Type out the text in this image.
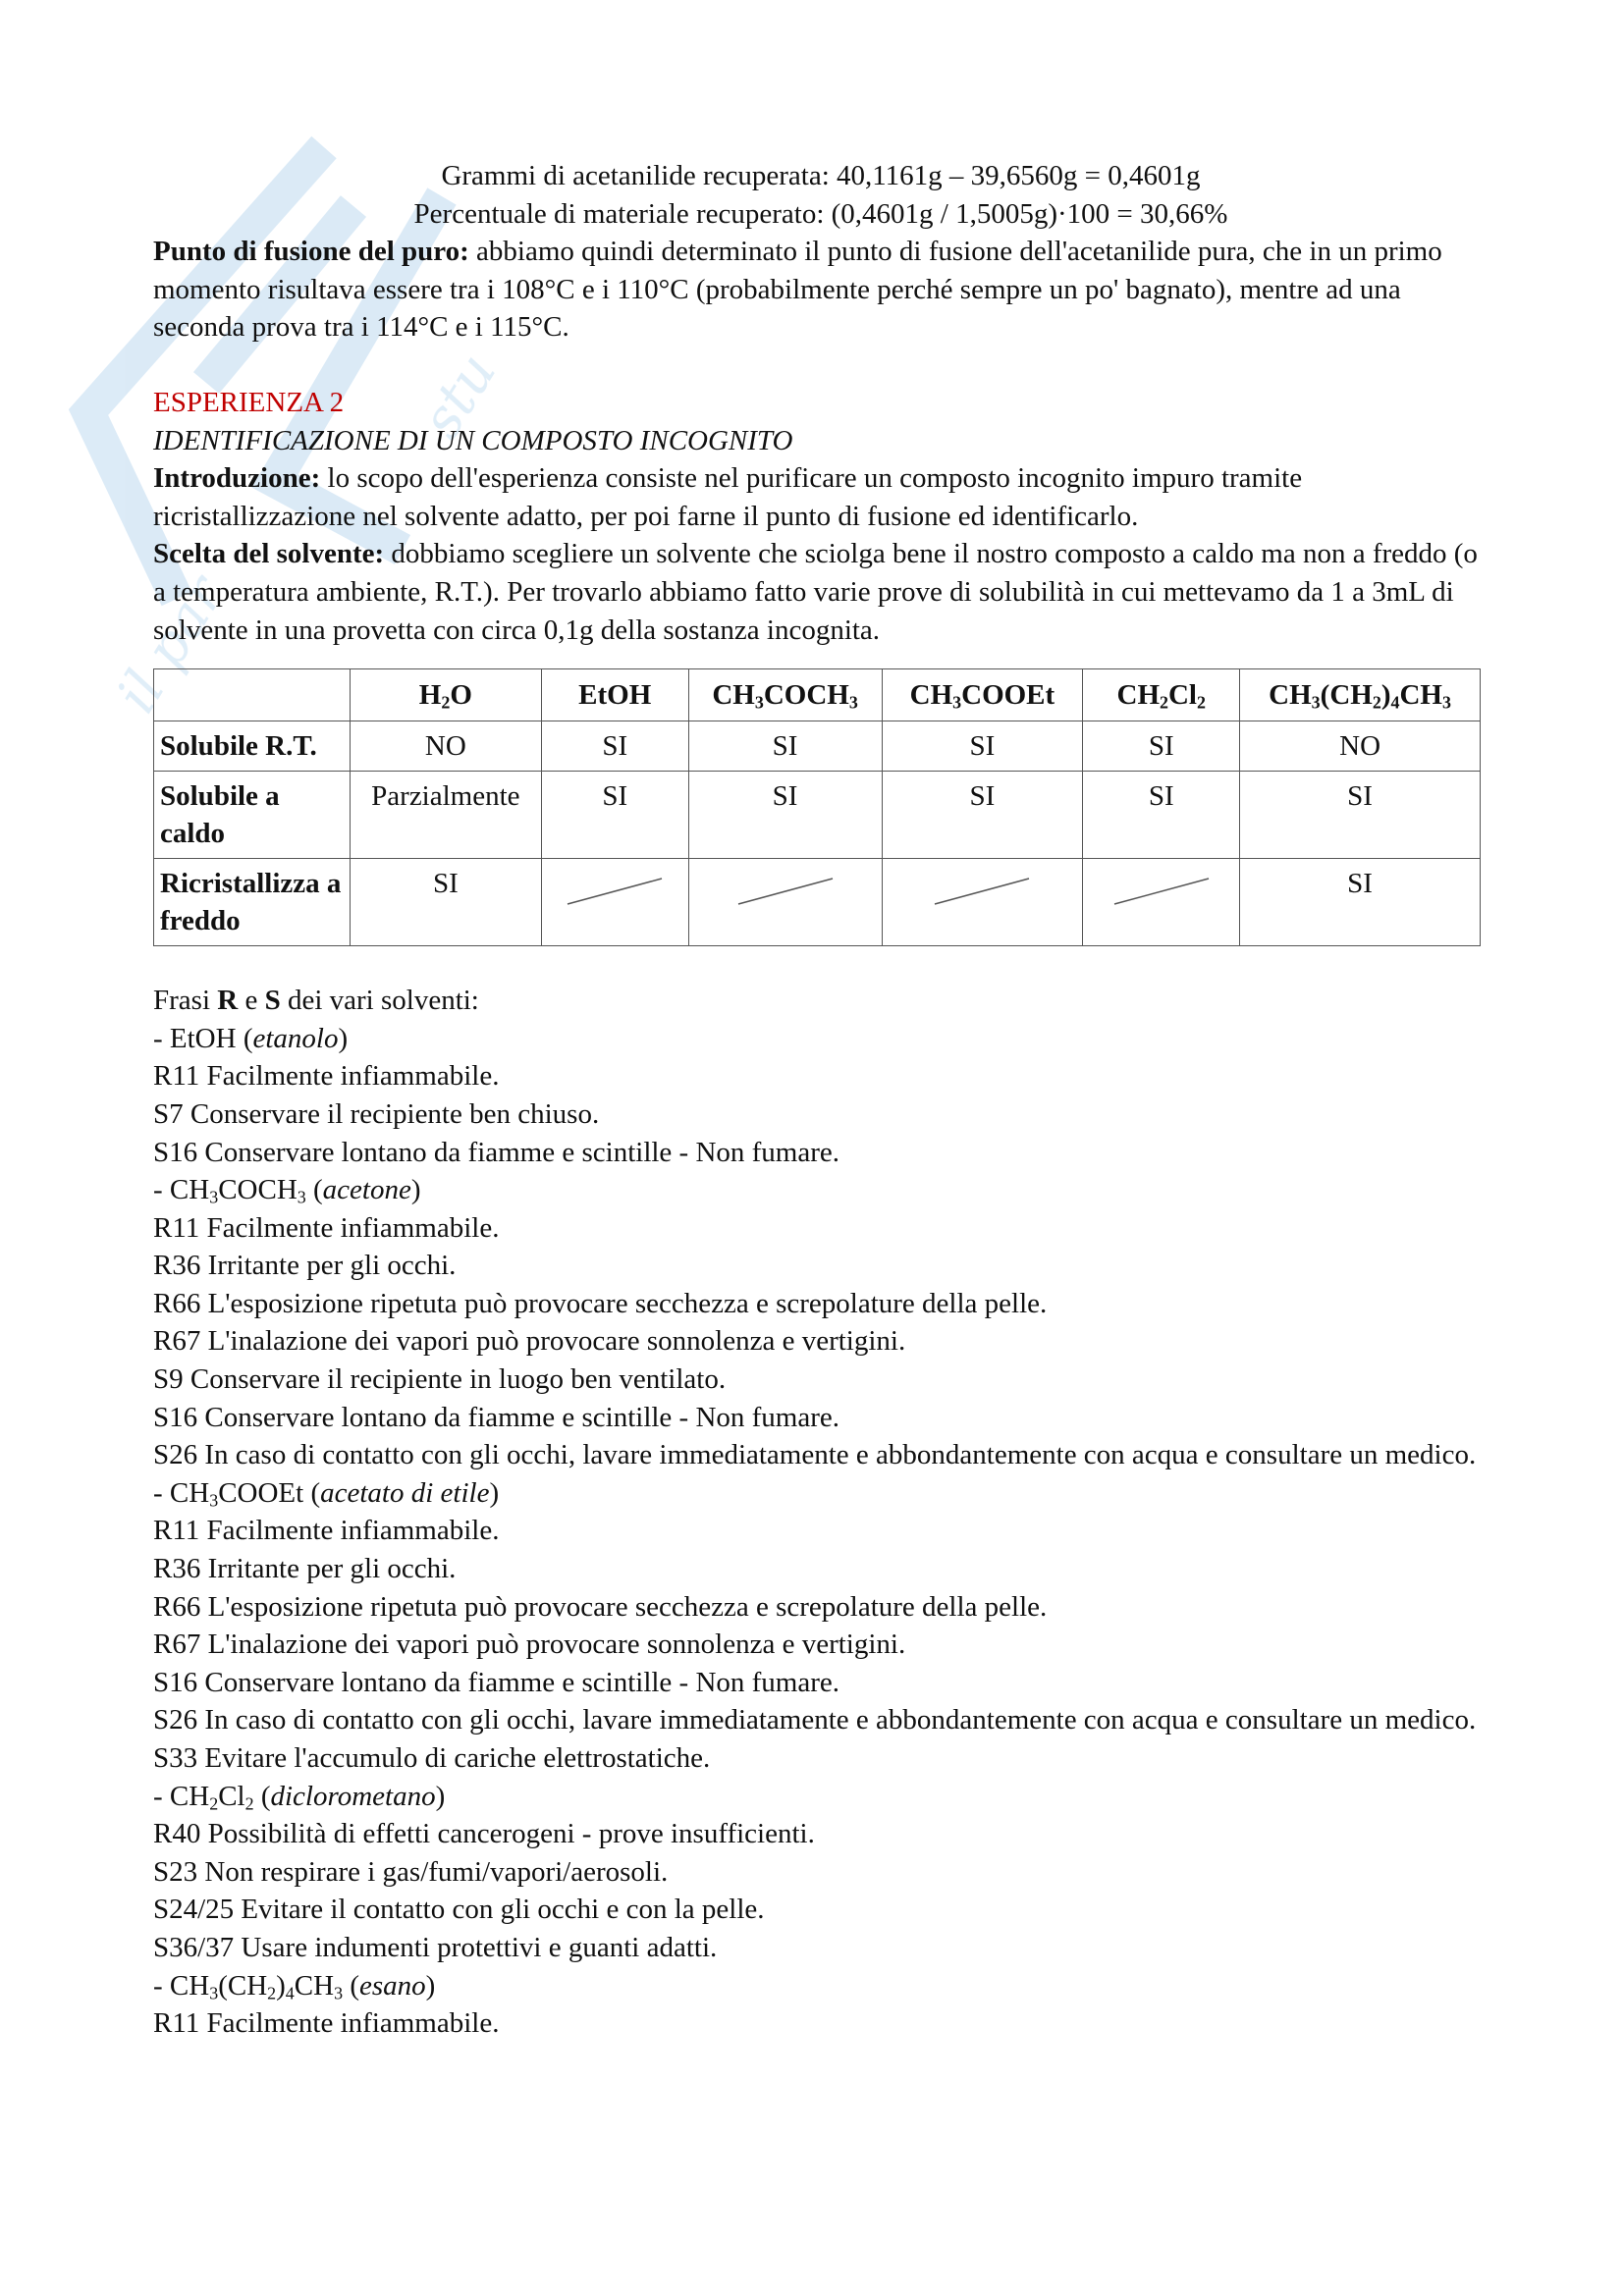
il par
stu

Grammi di acetanilide recuperata: 40,1161g – 39,6560g = 0,4601g

Percentuale di materiale recuperato: (0,4601g / 1,5005g)·100 = 30,66%

Punto di fusione del puro: abbiamo quindi determinato il punto di fusione dell'acetanilide pura, che in un primo momento risultava essere tra i 108°C e i 110°C (probabilmente perché sempre un po' bagnato), mentre ad una seconda prova tra i 114°C e i 115°C.

ESPERIENZA 2

IDENTIFICAZIONE DI UN COMPOSTO INCOGNITO

Introduzione: lo scopo dell'esperienza consiste nel purificare un composto incognito impuro tramite ricristallizzazione nel solvente adatto, per poi farne il punto di fusione ed identificarlo.

Scelta del solvente: dobbiamo scegliere un solvente che sciolga bene il nostro composto a caldo ma non a freddo (o a temperatura ambiente, R.T.). Per trovarlo abbiamo fatto varie prove di solubilità in cui mettevamo da 1 a 3mL di solvente in una provetta con circa 0,1g della sostanza incognita.

	$H_2O$	EtOH	$CH_3COCH_3$	$CH_3COOEt$	$CH_2Cl_2$	$CH_3(CH_2)_4CH_3$
Solubile R.T.	NO	SI	SI	SI	SI	NO
Solubile a caldo	Parzialmente	SI	SI	SI	SI	SI
Ricristallizza a freddo	SI					SI

Frasi R e S dei vari solventi:

- EtOH (etanolo)

R11 Facilmente infiammabile.

S7 Conservare il recipiente ben chiuso.

S16 Conservare lontano da fiamme e scintille - Non fumare.

- $CH_3COCH_3$ (acetone)

R11 Facilmente infiammabile.

R36 Irritante per gli occhi.

R66 L'esposizione ripetuta può provocare secchezza e screpolature della pelle.

R67 L'inalazione dei vapori può provocare sonnolenza e vertigini.

S9 Conservare il recipiente in luogo ben ventilato.

S16 Conservare lontano da fiamme e scintille - Non fumare.

S26 In caso di contatto con gli occhi, lavare immediatamente e abbondantemente con acqua e consultare un medico.

- $CH_3COOEt$ (acetato di etile)

R11 Facilmente infiammabile.

R36 Irritante per gli occhi.

R66 L'esposizione ripetuta può provocare secchezza e screpolature della pelle.

R67 L'inalazione dei vapori può provocare sonnolenza e vertigini.

S16 Conservare lontano da fiamme e scintille - Non fumare.

S26 In caso di contatto con gli occhi, lavare immediatamente e abbondantemente con acqua e consultare un medico.

S33 Evitare l'accumulo di cariche elettrostatiche.

- $CH_2Cl_2$ (diclorometano)

R40 Possibilità di effetti cancerogeni - prove insufficienti.

S23 Non respirare i gas/fumi/vapori/aerosoli.

S24/25 Evitare il contatto con gli occhi e con la pelle.

S36/37 Usare indumenti protettivi e guanti adatti.

- $CH_3(CH_2)_4CH_3$ (esano)

R11 Facilmente infiammabile.
